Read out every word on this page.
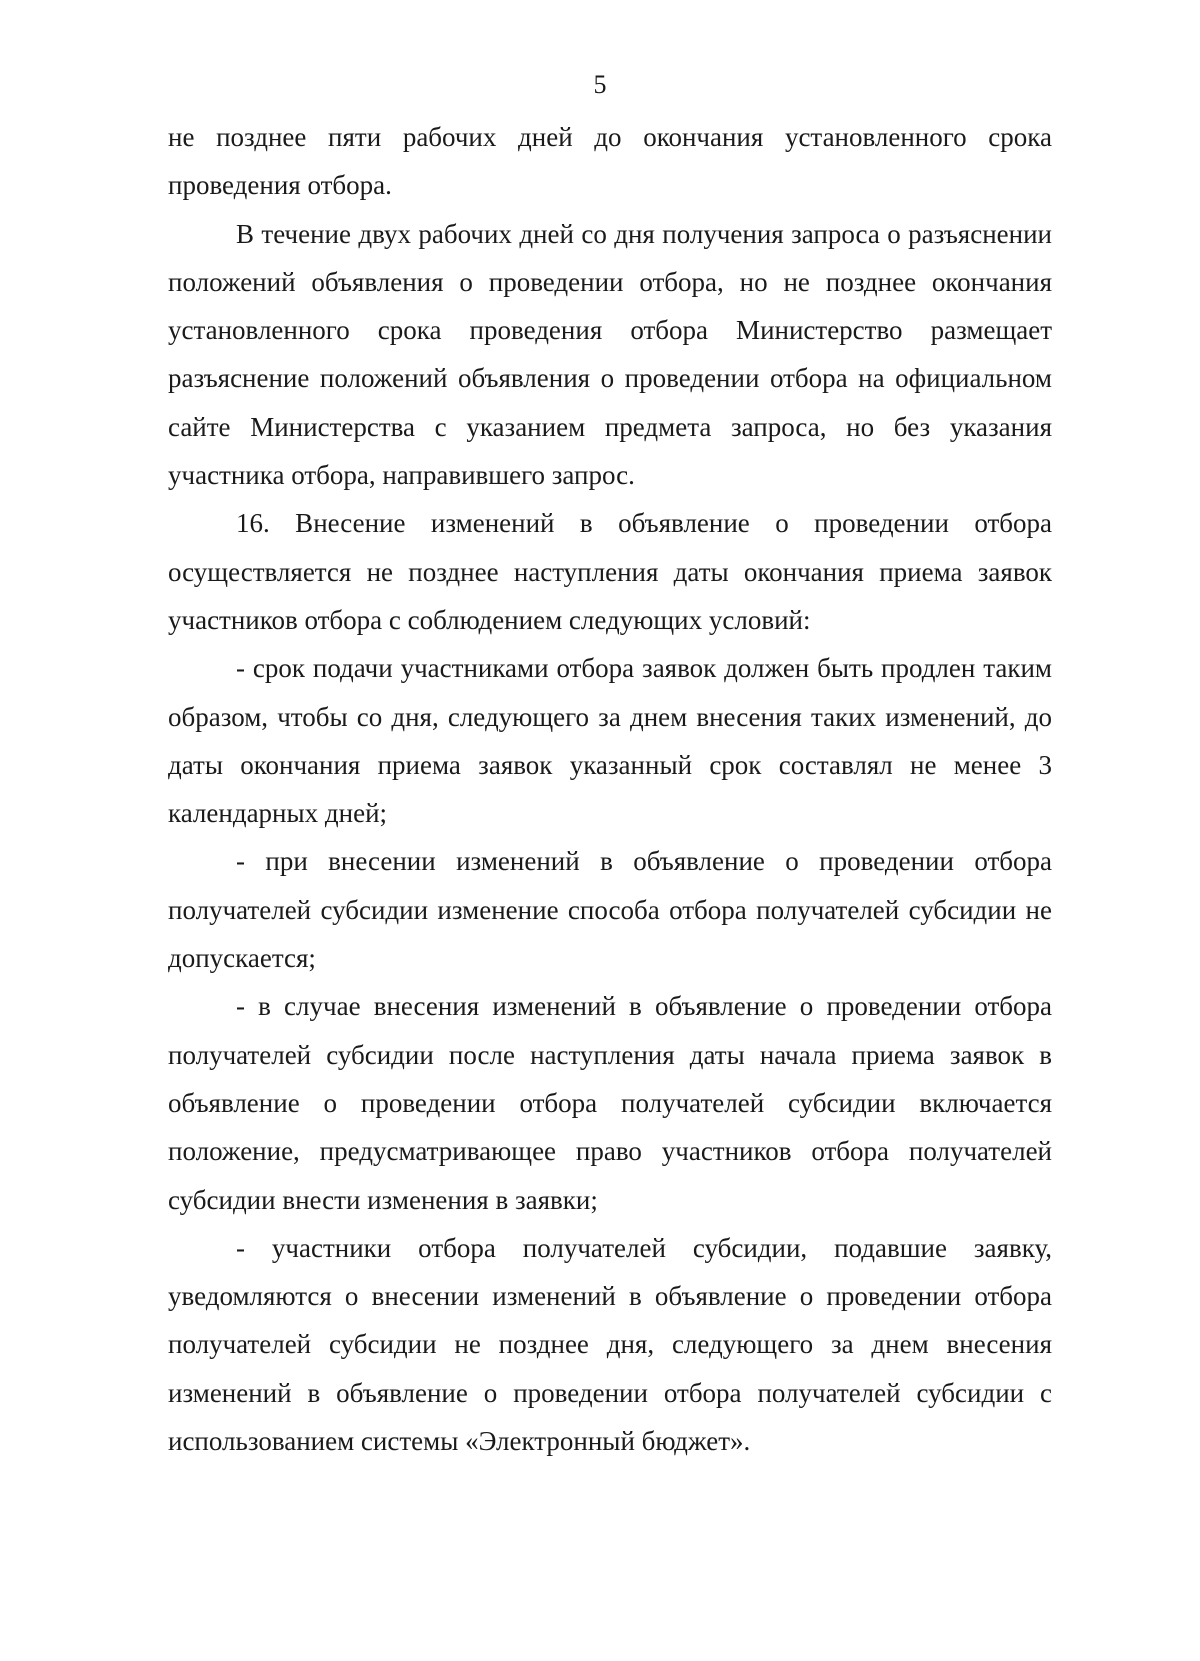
5

не позднее пяти рабочих дней до окончания установленного срока проведения отбора.

В течение двух рабочих дней со дня получения запроса о разъяснении положений объявления о проведении отбора, но не позднее окончания установленного срока проведения отбора Министерство размещает разъяснение положений объявления о проведении отбора на официальном сайте Министерства с указанием предмета запроса, но без указания участника отбора, направившего запрос.

16. Внесение изменений в объявление о проведении отбора осуществляется не позднее наступления даты окончания приема заявок участников отбора с соблюдением следующих условий:

- срок подачи участниками отбора заявок должен быть продлен таким образом, чтобы со дня, следующего за днем внесения таких изменений, до даты окончания приема заявок указанный срок составлял не менее 3 календарных дней;

- при внесении изменений в объявление о проведении отбора получателей субсидии изменение способа отбора получателей субсидии не допускается;

- в случае внесения изменений в объявление о проведении отбора получателей субсидии после наступления даты начала приема заявок в объявление о проведении отбора получателей субсидии включается положение, предусматривающее право участников отбора получателей субсидии внести изменения в заявки;

- участники отбора получателей субсидии, подавшие заявку, уведомляются о внесении изменений в объявление о проведении отбора получателей субсидии не позднее дня, следующего за днем внесения изменений в объявление о проведении отбора получателей субсидии с использованием системы «Электронный бюджет».
